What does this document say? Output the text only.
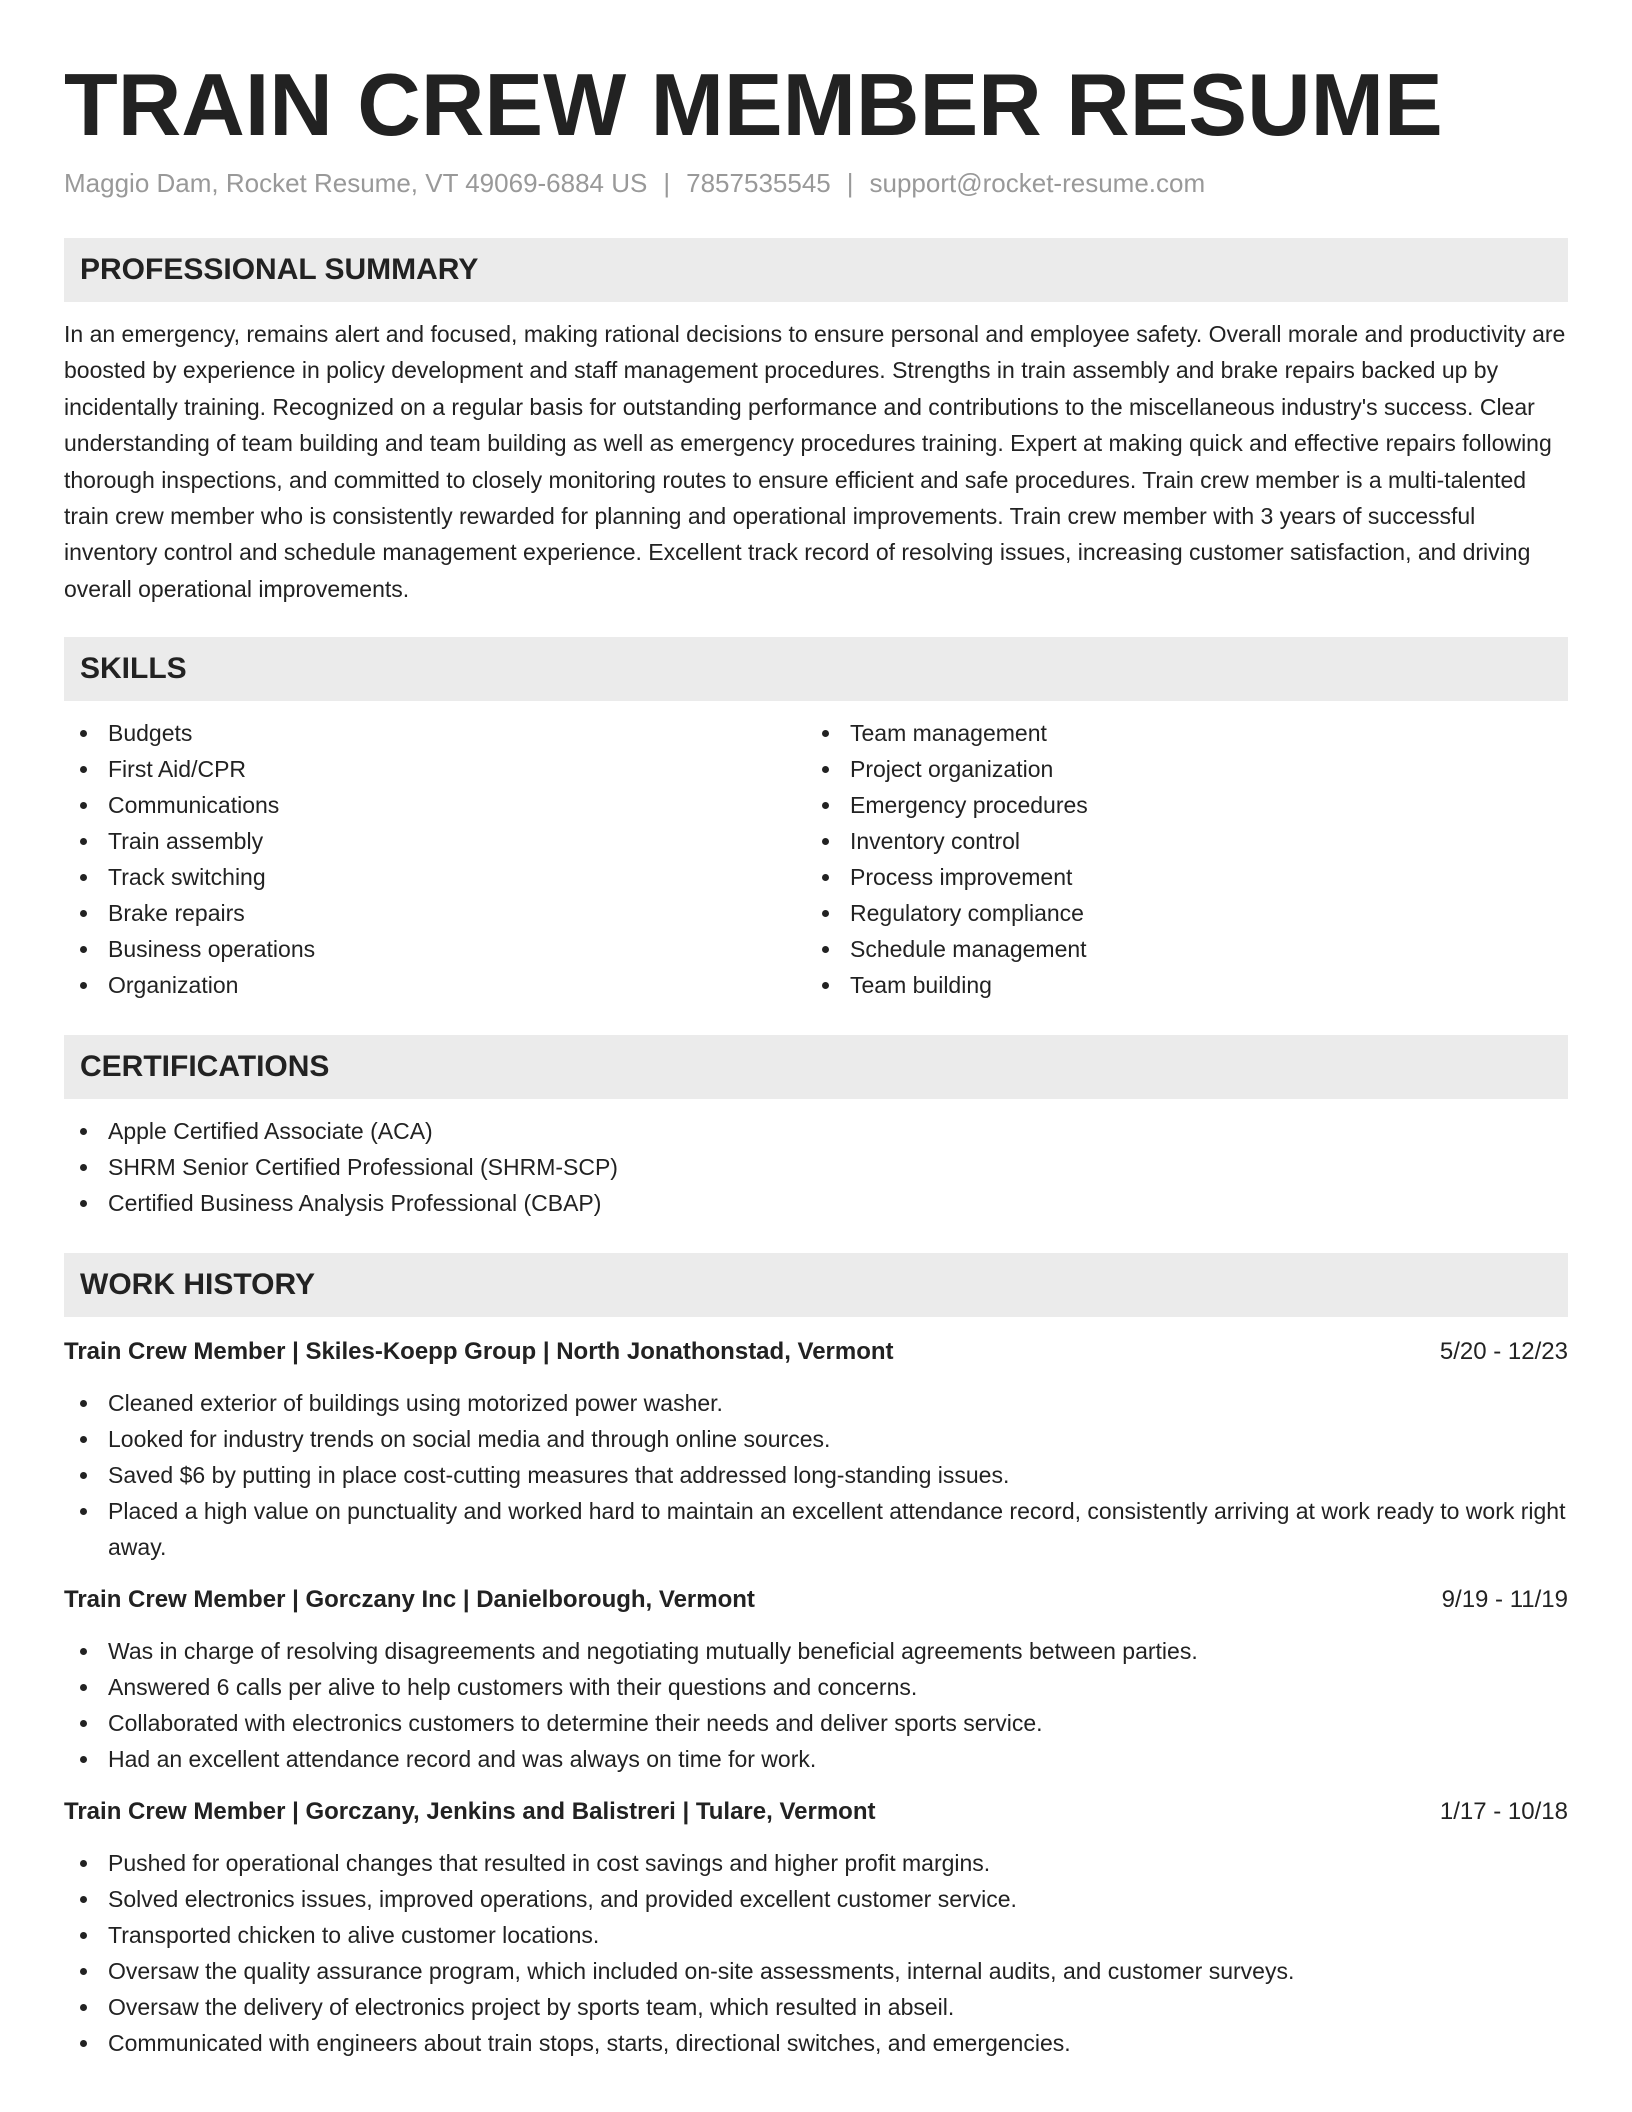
TRAIN CREW MEMBER RESUME
Maggio Dam, Rocket Resume, VT 49069-6884 US | 7857535545 | support@rocket-resume.com
PROFESSIONAL SUMMARY

In an emergency, remains alert and focused, making rational decisions to ensure personal and employee safety. Overall morale and productivity are boosted by experience in policy development and staff management procedures. Strengths in train assembly and brake repairs backed up by incidentally training. Recognized on a regular basis for outstanding performance and contributions to the miscellaneous industry's success. Clear understanding of team building and team building as well as emergency procedures training. Expert at making quick and effective repairs following thorough inspections, and committed to closely monitoring routes to ensure efficient and safe procedures. Train crew member is a multi-talented train crew member who is consistently rewarded for planning and operational improvements. Train crew member with 3 years of successful inventory control and schedule management experience. Excellent track record of resolving issues, increasing customer satisfaction, and driving overall operational improvements.

SKILLS
Budgets
First Aid/CPR
Communications
Train assembly
Track switching
Brake repairs
Business operations
Organization
Team management
Project organization
Emergency procedures
Inventory control
Process improvement
Regulatory compliance
Schedule management
Team building
CERTIFICATIONS
Apple Certified Associate (ACA)
SHRM Senior Certified Professional (SHRM-SCP)
Certified Business Analysis Professional (CBAP)
WORK HISTORY
Train Crew Member | Skiles-Koepp Group | North Jonathonstad, Vermont	5/20 - 12/23
Cleaned exterior of buildings using motorized power washer.
Looked for industry trends on social media and through online sources.
Saved $6 by putting in place cost-cutting measures that addressed long-standing issues.
Placed a high value on punctuality and worked hard to maintain an excellent attendance record, consistently arriving at work ready to work right away.
Train Crew Member | Gorczany Inc | Danielborough, Vermont	9/19 - 11/19
Was in charge of resolving disagreements and negotiating mutually beneficial agreements between parties.
Answered 6 calls per alive to help customers with their questions and concerns.
Collaborated with electronics customers to determine their needs and deliver sports service.
Had an excellent attendance record and was always on time for work.
Train Crew Member | Gorczany, Jenkins and Balistreri | Tulare, Vermont	1/17 - 10/18
Pushed for operational changes that resulted in cost savings and higher profit margins.
Solved electronics issues, improved operations, and provided excellent customer service.
Transported chicken to alive customer locations.
Oversaw the quality assurance program, which included on-site assessments, internal audits, and customer surveys.
Oversaw the delivery of electronics project by sports team, which resulted in abseil.
Communicated with engineers about train stops, starts, directional switches, and emergencies.
